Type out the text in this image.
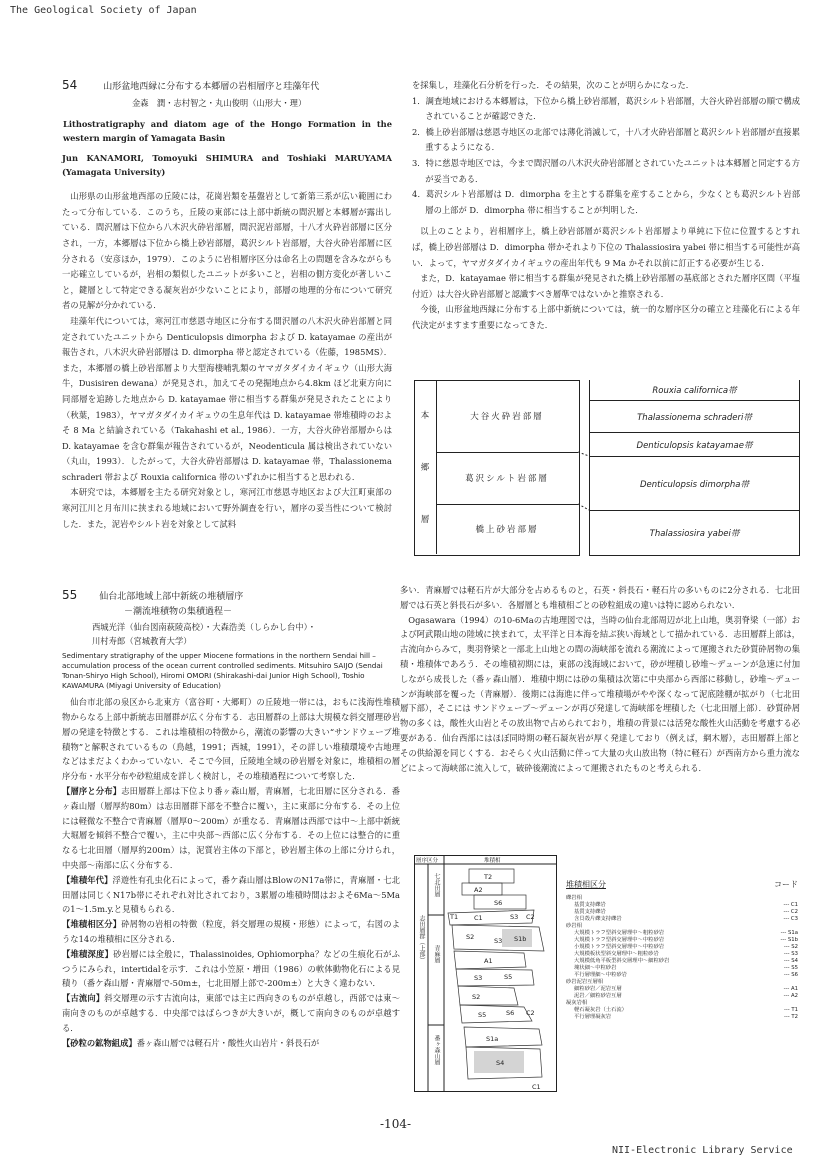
The Geological Society of Japan
54	山形盆地西縁に分布する本郷層の岩相層序と珪藻年代
金森　潤・志村智之・丸山俊明（山形大・理）
Lithostratigraphy and diatom age of the Hongo Formation in the western margin of Yamagata Basin
Jun KANAMORI, Tomoyuki SHIMURA and Toshiaki MARUYAMA (Yamagata University)

山形県の山形盆地西部の丘陵には，花崗岩類を基盤岩として新第三系が広い範囲にわたって分布している．このうち，丘陵の東部には上部中新統の間沢層と本郷層が露出している．間沢層は下位から八木沢火砕岩部層，間沢泥岩部層，十八才火砕岩部層に区分され，一方，本郷層は下位から橋上砂岩部層，葛沢シルト岩部層，大谷火砕岩部層に区分される（安彦ほか，1979）．このように岩相層序区分は命名上の問題を含みながらも一応確立しているが，岩相の類似したユニットが多いこと，岩相の側方変化が著しいこと，鍵層として特定できる凝灰岩が少ないことにより，部層の地理的分布について研究者の見解が分かれている．

珪藻年代については，寒河江市慈恩寺地区に分布する間沢層の八木沢火砕岩部層と同定されていたユニットから Denticulopsis dimorpha および D. katayamae の産出が報告され，八木沢火砕岩部層は D. dimorpha 帯と認定されている（佐藤，1985MS）．また，本郷層の橋上砂岩部層より大型海棲哺乳類のヤマガタダイカイギュウ（山形大海牛，Dusisiren dewana）が発見され，加えてその発掘地点から4.8km ほど北東方向に同部層を追跡した地点から D. katayamae 帯に相当する群集が発見されたことにより（秋葉，1983），ヤマガタダイカイギュウの生息年代は D. katayamae 帯堆積時のおよそ 8 Ma と結論されている（Takahashi et al., 1986）．一方，大谷火砕岩部層からは D. katayamae を含む群集が報告されているが，Neodenticula 属は検出されていない（丸山，1993）．したがって，大谷火砕岩部層は D. katayamae 帯，Thalassionema schraderi 帯および Rouxia californica 帯のいずれかに相当すると思われる．

本研究では，本郷層を主たる研究対象とし，寒河江市慈恩寺地区および大江町東部の寒河江川と月布川に挟まれる地域において野外調査を行い，層序の妥当性について検討した．また，泥岩やシルト岩を対象として試料

を採集し，珪藻化石分析を行った．その結果，次のことが明らかになった．

1．調査地域における本郷層は，下位から橋上砂岩部層，葛沢シルト岩部層，大谷火砕岩部層の順で構成されていることが確認できた．

2．橋上砂岩部層は慈恩寺地区の北部では薄化消滅して，十八才火砕岩部層と葛沢シルト岩部層が直接累重するようになる．

3．特に慈恩寺地区では，今まで間沢層の八木沢火砕岩部層とされていたユニットは本郷層と同定する方が妥当である．

4．葛沢シルト岩部層は D．dimorpha を主とする群集を産することから，少なくとも葛沢シルト岩部層の上部が D．dimorpha 帯に相当することが判明した．

以上のことより，岩相層序上，橋上砂岩部層が葛沢シルト岩部層より単純に下位に位置するとすれば，橋上砂岩部層は D．dimorpha 帯かそれより下位の Thalassiosira yabei 帯に相当する可能性が高い．よって，ヤマガタダイカイギュウの産出年代も 9 Ma かそれ以前に訂正する必要が生じる．

また，D．katayamae 帯に相当する群集が発見された橋上砂岩部層の基底部とされた層序区間（平塩付近）は大谷火砕岩部層と認識すべき層準ではないかと推察される．

今後，山形盆地西縁に分布する上部中新統については，統一的な層序区分の確立と珪藻化石による年代決定がますます重要になってきた．

本
郷
層
大谷火砕岩部層
葛沢シルト岩部層
橋上砂岩部層
Rouxia californica帯
Thalassionema schraderi帯
Denticulopsis katayamae帯
Denticulopsis dimorpha帯
Thalassiosira yabei帯
55 仙台北部地域上部中新統の堆積層序
－潮流堆積物の集積過程－
西城光洋（仙台図南萩陵高校）・大森浩美（しらかし台中）・
川村寿郎（宮城教育大学）
Sedimentary stratigraphy of the upper Miocene formations in the northern Sendai hill – accumulation process of the ocean current controlled sediments. Mitsuhiro SAIJO (Sendai Tonan-Shiryo High School), Hiromi OMORI (Shirakashi-dai Junior High School), Toshio KAWAMURA (Miyagi University of Education)

仙台市北部の泉区から北東方（富谷町・大郷町）の丘陵地一帯には，おもに浅海性堆積物からなる上部中新統志田層群が広く分布する．志田層群の上部は大規模な斜交層理砂岩層の発達を特徴とする．これは堆積相の特徴から，潮流の影響の大きい“サンドウェーブ堆積物”と解釈されているもの（鳥越，1991；西城，1991），その詳しい堆積環境や古地理などはまだよくわかっていない．そこで今回，丘陵地全域の砂岩層を対象に，堆積相の層序分布・水平分布や砂粒組成を詳しく検討し，その堆積過程について考察した．

【層序と分布】志田層群上部は下位より番ヶ森山層，青麻層，七北田層に区分される．番ヶ森山層（層厚約80m）は志田層群下部を不整合に覆い，主に東部に分布する．その上位には軽微な不整合で青麻層（層厚0～200m）が重なる．青麻層は西部では中～上部中新統大堀層を傾斜不整合で覆い，主に中央部～西部に広く分布する．その上位には整合的に重なる七北田層（層厚約200m）は，泥質岩主体の下部と，砂岩層主体の上部に分けられ，中央部～南部に広く分布する．

【堆積年代】浮遊性有孔虫化石によって，番ケ森山層はBlowのN17a帯に，青麻層・七北田層は同じくN17b帯にそれぞれ対比されており，3累層の堆積時間はおよそ6Ma～5Maの1～1.5m.y.と見積もられる．

【堆積相区分】砕屑物の岩相の特徴（粒度，斜交層理の規模・形態）によって，右図のような14の堆積相に区分される．

【堆積深度】砂岩層には全般に，Thalassinoides, Ophiomorpha？などの生痕化石がふつうにみられ，intertidalを示す．これは小笠原・増田（1986）の軟体動物化石による見積り（番ケ森山層・青麻層で-50m±，七北田層上部で-200m±）と大きく違わない．

【古流向】斜交層理の示す古流向は，東部では主に西向きのものが卓越し，西部では東～南向きのものが卓越する．中央部ではばらつきが大きいが，概して南向きのものが卓越する．

【砂粒の鉱物組成】番ヶ森山層では軽石片・酸性火山岩片・斜長石が

多い．青麻層では軽石片が大部分を占めるものと，石英・斜長石・軽石片の多いものに2分される．七北田層では石英と斜長石が多い．各層層とも堆積相ごとの砂粒組成の違いは特に認められない．

Ogasawara（1994）の10-6Maの古地理図では，当時の仙台北部周辺が北上山地，奥羽脊梁（一部）および阿武隈山地の陸域に挟まれて，太平洋と日本海を結ぶ狭い海域として描かれている．志田層群上部は，古流向からみて，奥羽脊梁と一部北上山地との間の海峡部を流れる潮流によって運搬された砂質砕屑物の集積・堆積体であろう．その堆積初期には，東部の浅海域において，砂が埋積し砂堆～デューンが急速に付加しながら成長した（番ヶ森山層）．堆積中期には砂の集積は次第に中央部から西部に移動し，砂堆～デューンが海峡部を覆った（青麻層）．後期には海進に伴って堆積場がやや深くなって泥底陸棚が拡がり（七北田層下部），そこには サンドウェーブ～デューンが再び発達して海峡部を埋積した（七北田層上部）．砂質砕屑物の多くは，酸性火山岩とその放出物で占められており，堆積の背景には活発な酸性火山活動を考慮する必要がある．仙台西部にはほぼ同時期の軽石凝灰岩が厚く発達しており（例えば，網木層），志田層群上部とその供給源を同じくする．おそらく火山活動に伴って大量の火山放出物（特に軽石）が西南方から重力流などによって海峡部に流入して，破砕後潮流によって運搬されたものと考えられる．

T2
A2
S6
T1 C1	S3 C2
S2	S1b
S3
A1
S5
S3
S2
S5	S6 C2
S1a
S4
C1
層序区分	堆積相
七北田層
青麻層
番ヶ森山層
志田層群（上部）
堆積相区分	コード
礫岩相
基質支持礫岩	--- C1
基質支持礫岩	--- C2
含貝殻片礫支持礫岩	--- C3
砂岩相
大規模トラフ型斜交層理中～粗粒砂岩	--- S1a
大規模トラフ型斜交層理中～中粒砂岩	--- S1b
小規模トラフ型斜交層理中～中粒砂岩	--- S2
大規模板状型斜交層理中～粗粒砂岩	--- S3
大規模低角平板型斜交層理中～細粒砂岩	--- S4
塊状細～中粒砂岩	--- S5
平行層理細～中粒砂岩	--- S6
砂岩泥岩互層相
細粒砂岩／泥岩互層	--- A1
泥岩／細粒砂岩互層	--- A2
凝灰岩相
軽石凝灰岩（土石流）	--- T1
平行層理凝灰岩	--- T2
-104-
NII-Electronic Library Service
